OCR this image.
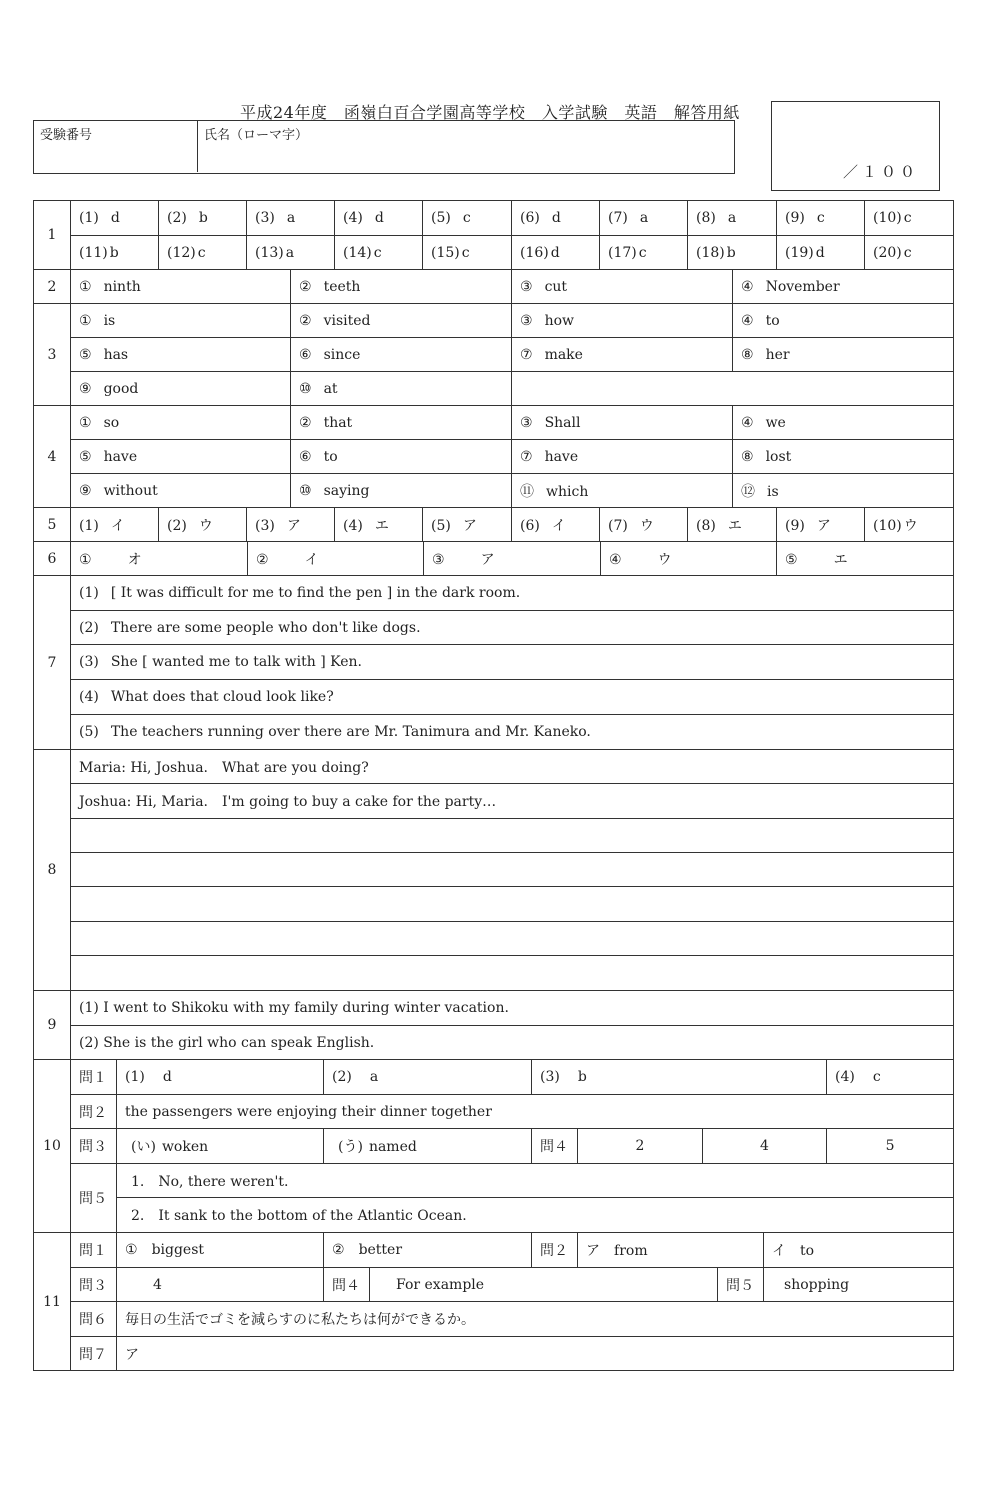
平成24年度　函嶺白百合学園高等学校　入学試験　英語　解答用紙
受験番号	氏名（ローマ字）
／１００
1	(1) d	(2) b	(3) a	(4) d	(5) c	(6) d	(7) a	(8) a	(9) c	(10) c
	(11) b	(12) c	(13) a	(14) c	(15) c	(16) d	(17) c	(18) b	(19) d	(20) c
2	① ninth	② teeth	③ cut	④ November
3	① is	② visited	③ how	④ to
	⑤ has	⑥ since	⑦ make	⑧ her
	⑨ good	⑩ at		
4	① so	② that	③ Shall	④ we
	⑤ have	⑥ to	⑦ have	⑧ lost
	⑨ without	⑩ saying	⑪ which	⑫ is
5	(1) イ	(2) ウ	(3) ア	(4) エ	(5) ア	(6) イ	(7) ウ	(8) エ	(9) ア	(10) ウ
6	①	オ	②	イ	③	ア	④	ウ	⑤	エ
7	(1) [ It was difficult for me to find the pen ] in the dark room.
(2) There are some people who don't like dogs.
(3) She [ wanted me to talk with ] Ken.
(4) What does that cloud look like?
(5) The teachers running over there are Mr. Tanimura and Mr. Kaneko.
8	Maria: Hi, Joshua.　What are you doing?
Joshua: Hi, Maria.　I'm going to buy a cake for the party…

9	(1) I went to Shikoku with my family during winter vacation.
(2) She is the girl who can speak English.
10	問１	(1) d	(2) a	(3) b			(4) c
	問２	the passengers were enjoying their dinner together					
	問３	(い) woken	(う) named	問４	2	4	5
	問５	1.　No, there weren't.					
		2.　It sank to the bottom of the Atlantic Ocean.					
11	問１	① biggest	② better		問２	ア from		イ to
	問３	4	問４	For example			問５	shopping
	問６	毎日の生活でゴミを減らすのに私たちは何ができるか。						
	問７	ア						
